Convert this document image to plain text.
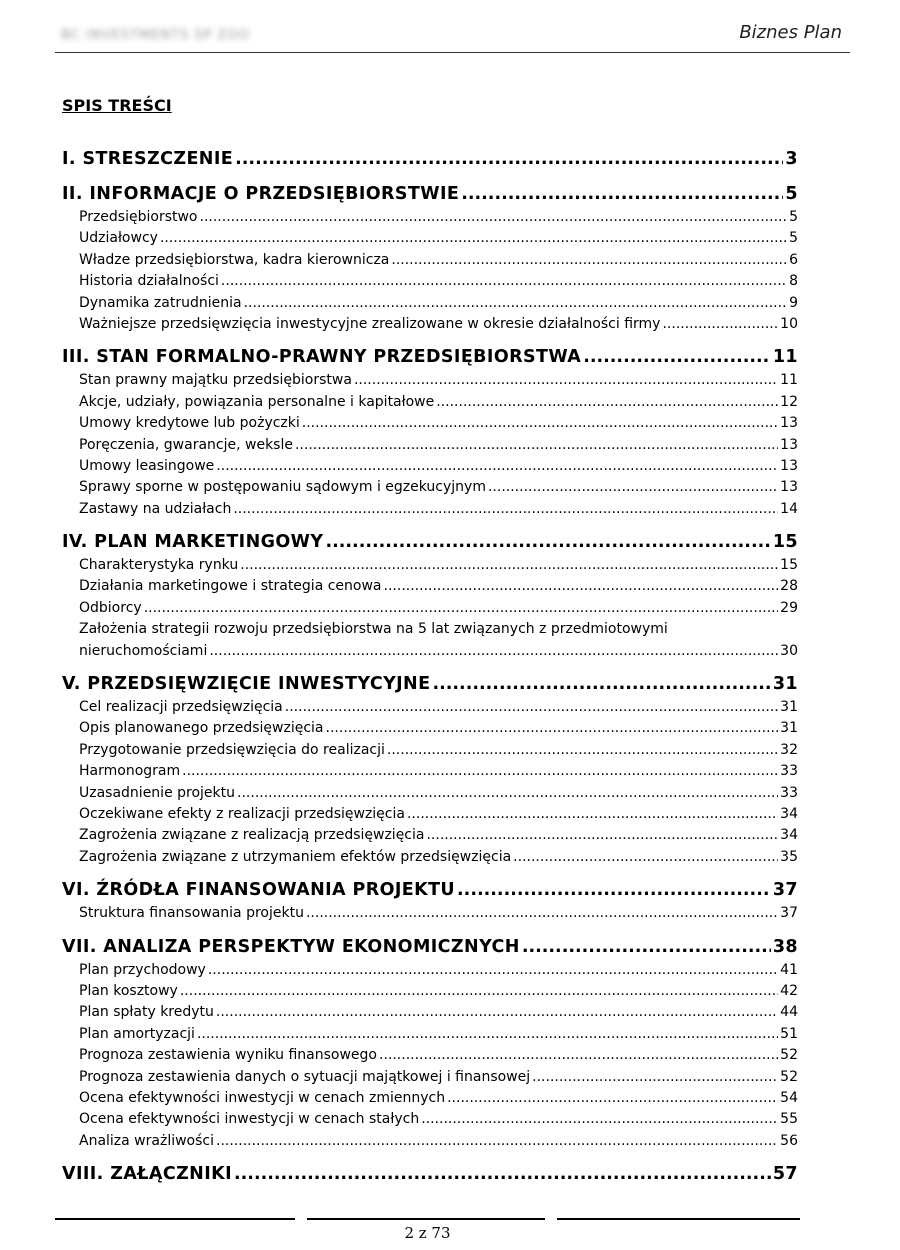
BC INVESTMENTS SP ZOO	Biznes Plan
SPIS TREŚCI
I. STRESZCZENIE .....	3
II. INFORMACJE O PRZEDSIĘBIORSTWIE .....	5
Przedsiębiorstwo .....	5
Udziałowcy .....	5
Władze przedsiębiorstwa, kadra kierownicza .....	6
Historia działalności .....	8
Dynamika zatrudnienia .....	9
Ważniejsze przedsięwzięcia inwestycyjne zrealizowane w okresie działalności firmy .....	10
III. STAN FORMALNO-PRAWNY PRZEDSIĘBIORSTWA .....	11
Stan prawny majątku przedsiębiorstwa .....	11
Akcje, udziały, powiązania personalne i kapitałowe .....	12
Umowy kredytowe lub pożyczki .....	13
Poręczenia, gwarancje, weksle .....	13
Umowy leasingowe .....	13
Sprawy sporne w postępowaniu sądowym i egzekucyjnym .....	13
Zastawy na udziałach .....	14
IV. PLAN MARKETINGOWY .....	15
Charakterystyka rynku .....	15
Działania marketingowe i strategia cenowa .....	28
Odbiorcy .....	29
Założenia strategii rozwoju przedsiębiorstwa na 5 lat związanych z przedmiotowymi
nieruchomościami .....	30
V. PRZEDSIĘWZIĘCIE INWESTYCYJNE .....	31
Cel realizacji przedsięwzięcia .....	31
Opis planowanego przedsięwzięcia .....	31
Przygotowanie przedsięwzięcia do realizacji .....	32
Harmonogram .....	33
Uzasadnienie projektu .....	33
Oczekiwane efekty z realizacji przedsięwzięcia .....	34
Zagrożenia związane z realizacją przedsięwzięcia .....	34
Zagrożenia związane z utrzymaniem efektów przedsięwzięcia .....	35
VI. ŹRÓDŁA FINANSOWANIA PROJEKTU .....	37
Struktura finansowania projektu .....	37
VII. ANALIZA PERSPEKTYW EKONOMICZNYCH .....	38
Plan przychodowy .....	41
Plan kosztowy .....	42
Plan spłaty kredytu .....	44
Plan amortyzacji .....	51
Prognoza zestawienia wyniku finansowego .....	52
Prognoza zestawienia danych o sytuacji majątkowej i finansowej .....	52
Ocena efektywności inwestycji w cenach zmiennych .....	54
Ocena efektywności inwestycji w cenach stałych .....	55
Analiza wrażliwości .....	56
VIII. ZAŁĄCZNIKI .....	57
2 z 73
